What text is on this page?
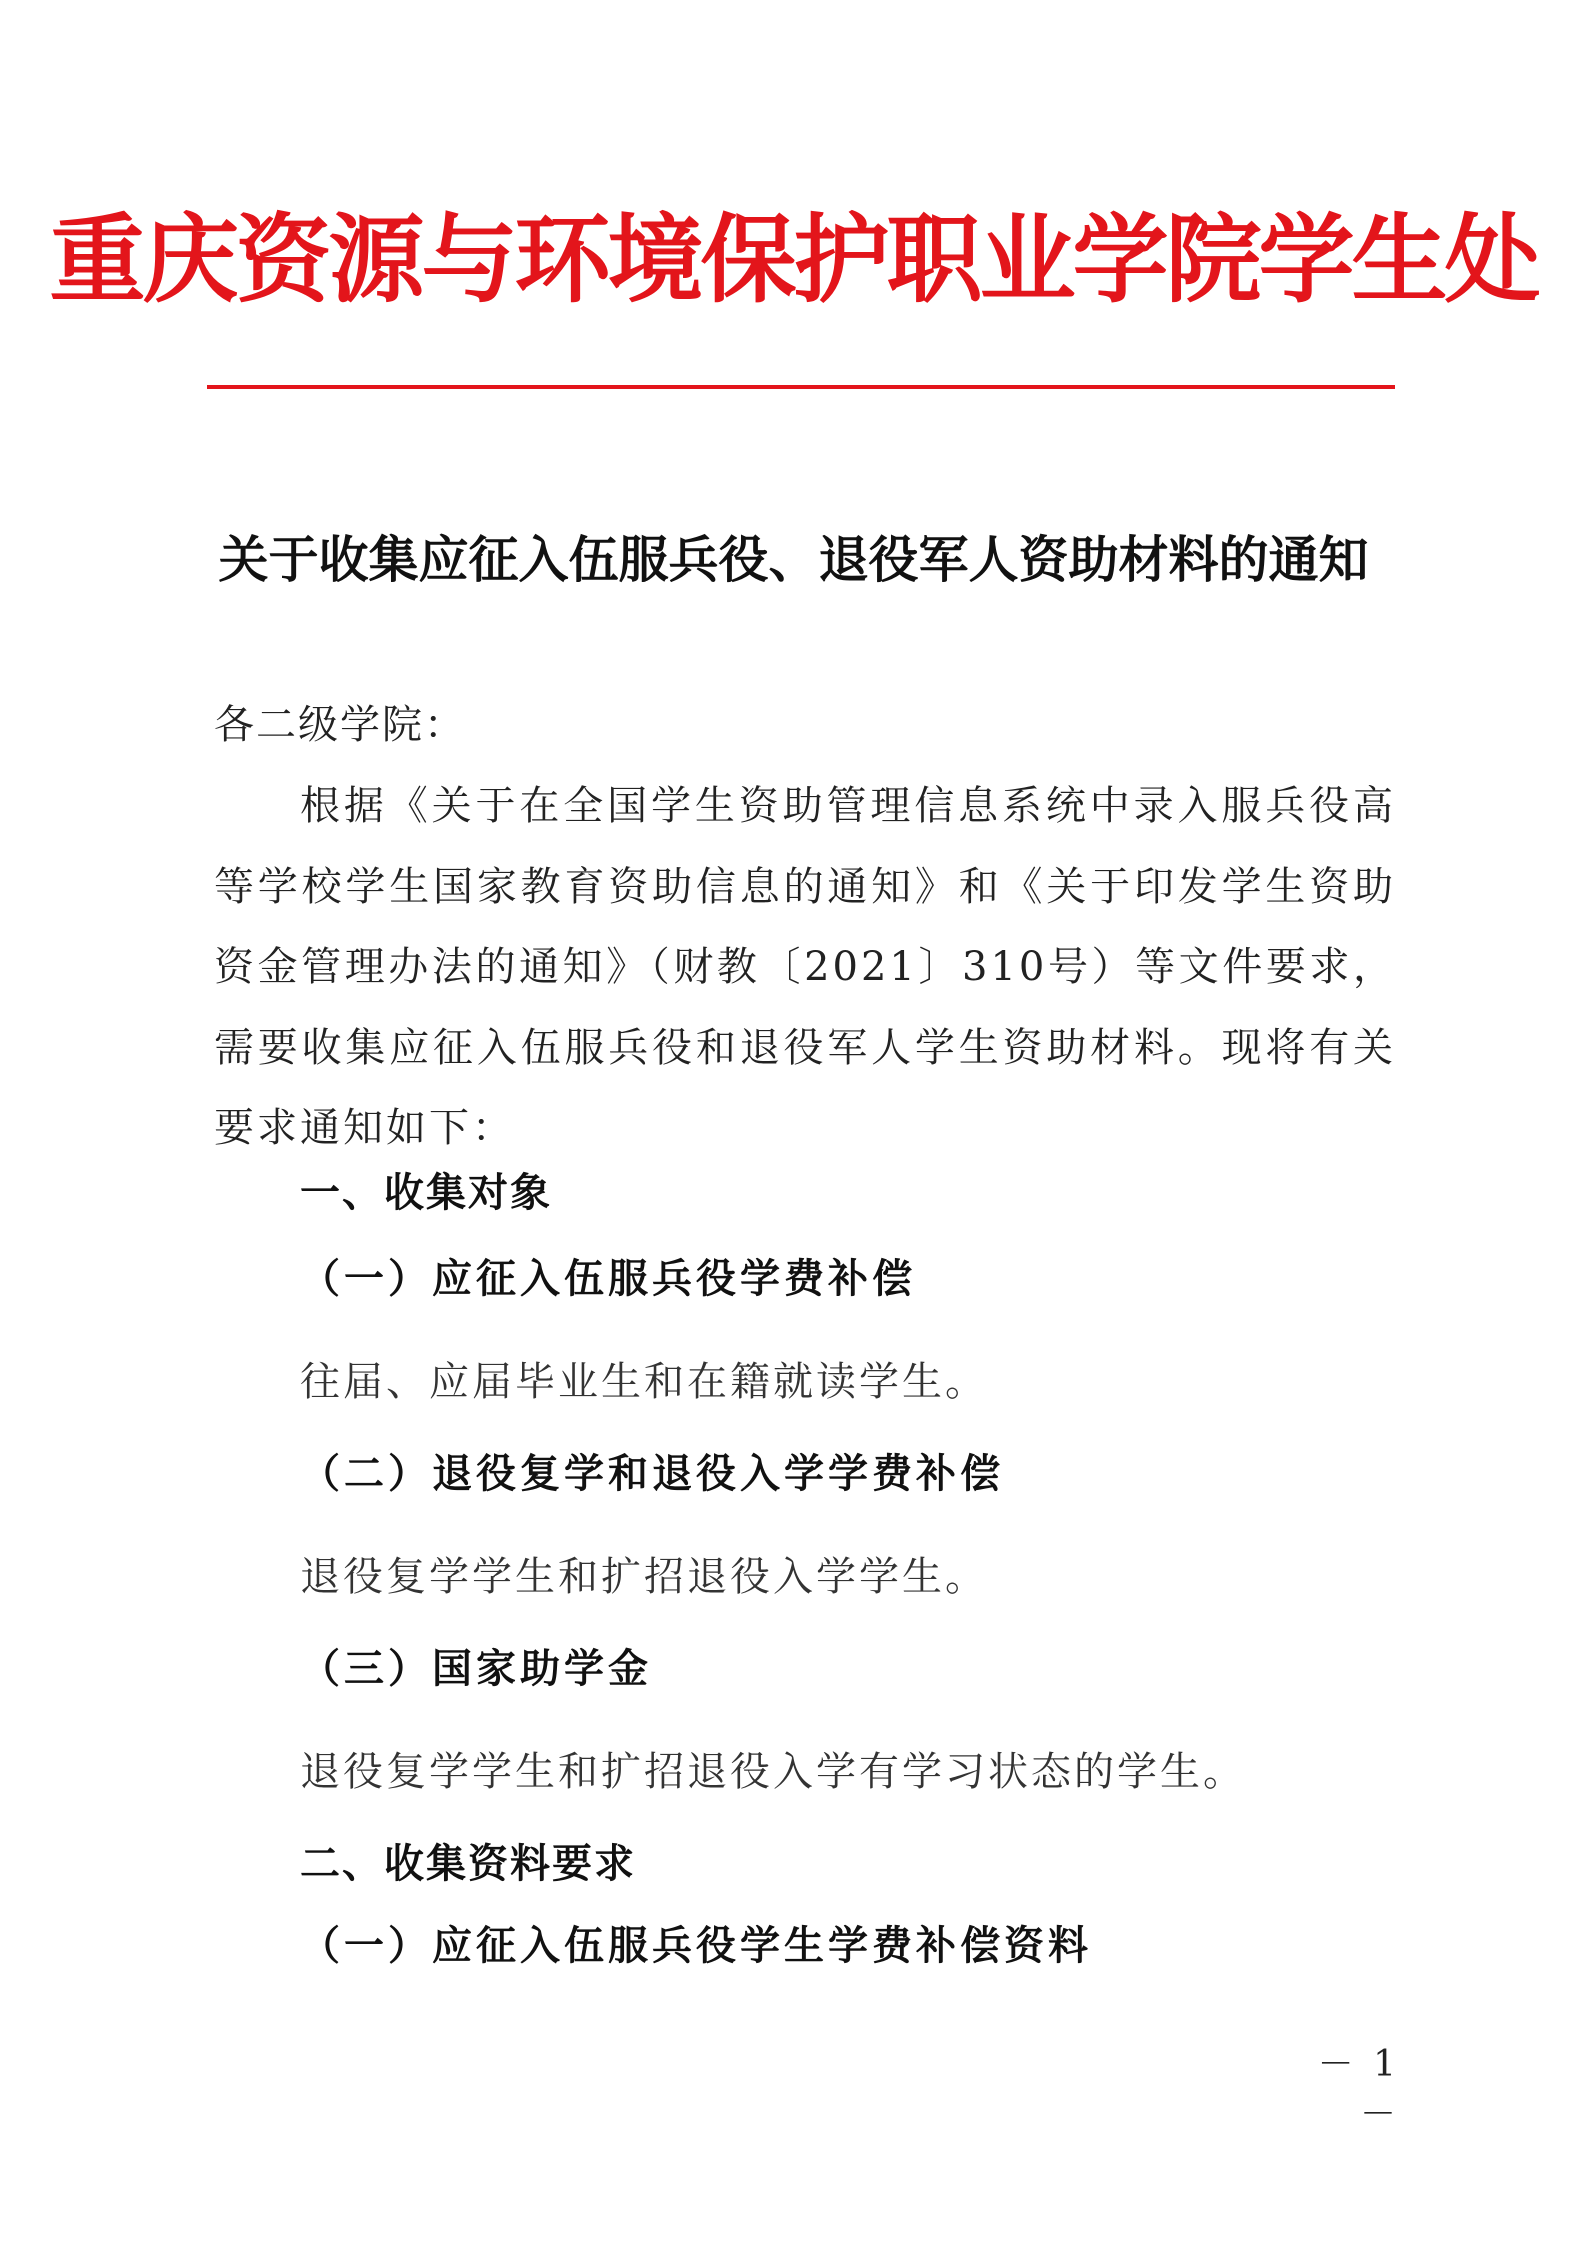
重庆资源与环境保护职业学院学生处
关于收集应征入伍服兵役、退役军人资助材料的通知
各二级学院：

根据《关于在全国学生资助管理信息系统中录入服兵役高等学校学生国家教育资助信息的通知》和《关于印发学生资助资金管理办法的通知》（财教〔2021〕310号）等文件要求，需要收集应征入伍服兵役和退役军人学生资助材料。现将有关要求通知如下：

一、收集对象
（一）应征入伍服兵役学费补偿
往届、应届毕业生和在籍就读学生。
（二）退役复学和退役入学学费补偿
退役复学学生和扩招退役入学学生。
（三）国家助学金
退役复学学生和扩招退役入学有学习状态的学生。
二、收集资料要求
（一）应征入伍服兵役学生学费补偿资料
－ 1 －
